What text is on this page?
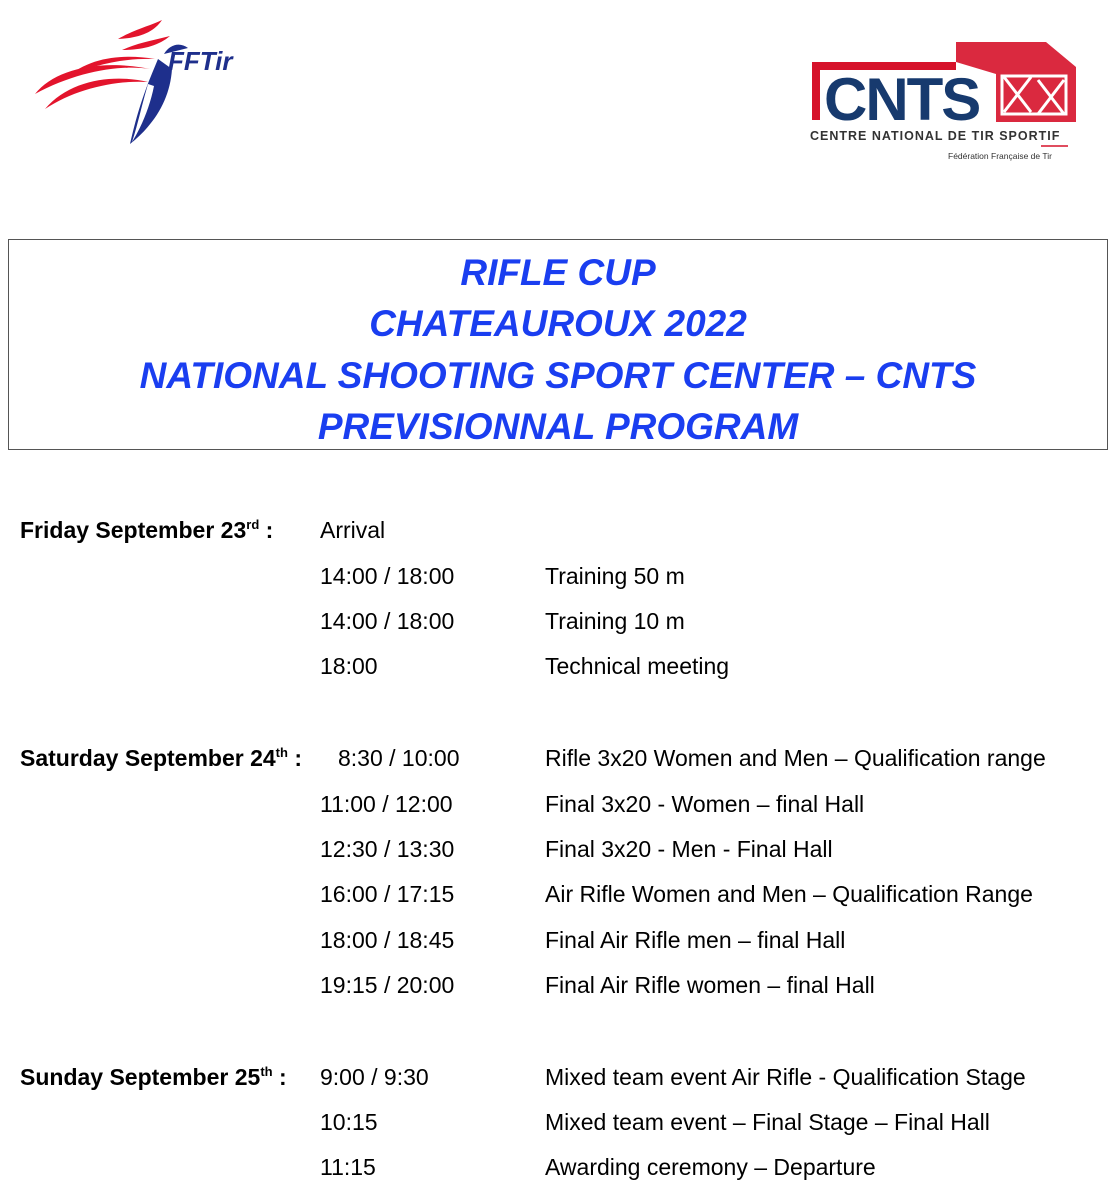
FFTir
CNTS
CENTRE NATIONAL DE TIR SPORTIF
Fédération Française de Tir
RIFLE CUP
CHATEAUROUX 2022
NATIONAL SHOOTING SPORT CENTER – CNTS
PREVISIONNAL PROGRAM
Friday September 23rd : Arrival
14:00 / 18:00	Training 50 m
14:00 / 18:00	Training 10 m
18:00	Technical meeting
Saturday September 24th : 8:30 / 10:00	Rifle 3x20 Women and Men – Qualification range
11:00 / 12:00	Final 3x20 - Women – final Hall
12:30 / 13:30	Final 3x20 - Men - Final Hall
16:00 / 17:15	Air Rifle Women and Men – Qualification Range
18:00 / 18:45	Final Air Rifle men – final Hall
19:15 / 20:00	Final Air Rifle women – final Hall
Sunday September 25th : 9:00 / 9:30	Mixed team event Air Rifle - Qualification Stage
10:15	Mixed team event – Final Stage – Final Hall
11:15	Awarding ceremony – Departure
